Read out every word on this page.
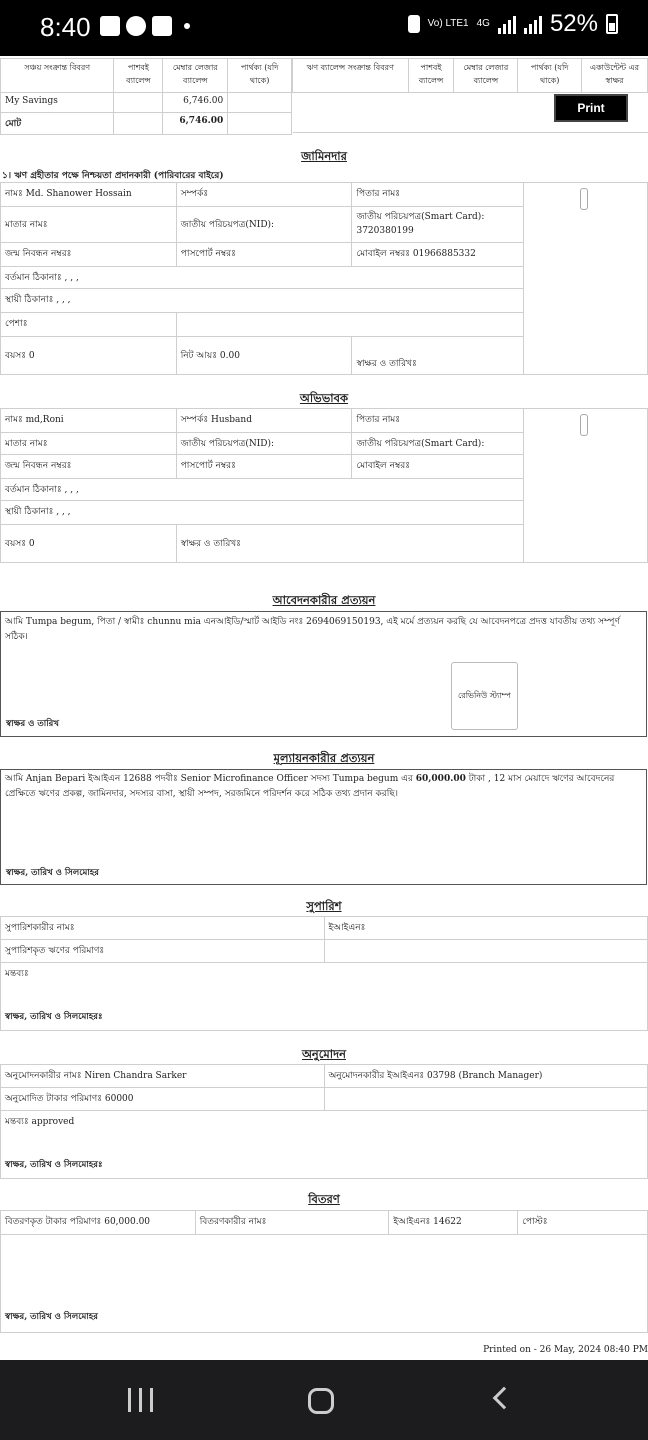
8:40	Vo) LTE1 4G	52%
সঞ্চয় সংক্রান্ত বিবরণ	পাশবই ব্যালেন্স	মেম্বার লেজার ব্যালেন্স	পার্থক্য (যদি থাকে)
My Savings		6,746.00	
মোট		6,746.00	
ঋণ ব্যালেন্স সংক্রান্ত বিবরণ	পাশবই ব্যালেন্স	মেম্বার লেজার ব্যালেন্স	পার্থক্য (যদি থাকে)	একাউন্টেন্ট এর স্বাক্ষর

Print
জামিনদার
১। ঋণ গ্রহীতার পক্ষে নিশ্চয়তা প্রদানকারী (পারিবারের বাইরে)
নামঃ Md. Shanower Hossain	সম্পর্কঃ	পিতার নামঃ	
মাতার নামঃ	জাতীয় পরিচয়পত্র(NID):	জাতীয় পরিচয়পত্র(Smart Card): 3720380199	
জন্ম নিবন্ধন নম্বরঃ	পাসপোর্ট নম্বরঃ	মোবাইল নম্বরঃ 01966885332	
বর্তমান ঠিকানাঃ , , ,			
স্থায়ী ঠিকানাঃ , , ,			
পেশাঃ			
বয়সঃ 0	নিট আয়ঃ 0.00	স্বাক্ষর ও তারিখঃ	
অভিভাবক
নামঃ md,Roni	সম্পর্কঃ Husband	পিতার নামঃ	
মাতার নামঃ	জাতীয় পরিচয়পত্র(NID):	জাতীয় পরিচয়পত্র(Smart Card):	
জন্ম নিবন্ধন নম্বরঃ	পাসপোর্ট নম্বরঃ	মোবাইল নম্বরঃ	
বর্তমান ঠিকানাঃ , , ,			
স্থায়ী ঠিকানাঃ , , ,			
বয়সঃ 0	স্বাক্ষর ও তারিখঃ		
আবেদনকারীর প্রত্যয়ন
আমি Tumpa begum, পিতা / স্বামীঃ chunnu mia এনআইডি/স্মার্ট আইডি নংঃ 2694069150193, এই মর্মে প্রত্যয়ন করছি যে আবেদনপত্রে প্রদত্ত যাবতীয় তথ্য সম্পূর্ণ সঠিক।
রেভিনিউ স্ট্যাম্প
স্বাক্ষর ও তারিখ
মূল্যায়নকারীর প্রত্যয়ন
আমি Anjan Bepari ইআইএন 12688 পদবীঃ Senior Microfinance Officer সদস্য Tumpa begum এর 60,000.00 টাকা , 12 মাস মেয়াদে ঋণের আবেদনের প্রেক্ষিতে ঋণের প্রকল্প, জামিনদার, সদস্যর বাসা, স্থায়ী সম্পদ, সরজমিনে পরিদর্শন করে সঠিক তথ্য প্রদান করছি।
স্বাক্ষর, তারিখ ও সিলমোহর
সুপারিশ
সুপারিশকারীর নামঃ	ইআইএনঃ
সুপারিশকৃত ঋণের পরিমাণঃ	

মন্তব্যঃ
স্বাক্ষর, তারিখ ও সিলমোহরঃ	
অনুমোদন
অনুমোদনকারীর নামঃ Niren Chandra Sarker	অনুমোদনকারীর ইআইএনঃ 03798 (Branch Manager)
অনুমোদিত টাকার পরিমাণঃ 60000	

মন্তব্যঃ approved
স্বাক্ষর, তারিখ ও সিলমোহরঃ	
বিতরণ
বিতরণকৃত টাকার পরিমাণঃ 60,000.00	বিতরণকারীর নামঃ	ইআইএনঃ 14622	পোস্টঃ

স্বাক্ষর, তারিখ ও সিলমোহর
Printed on - 26 May, 2024 08:40 PM
